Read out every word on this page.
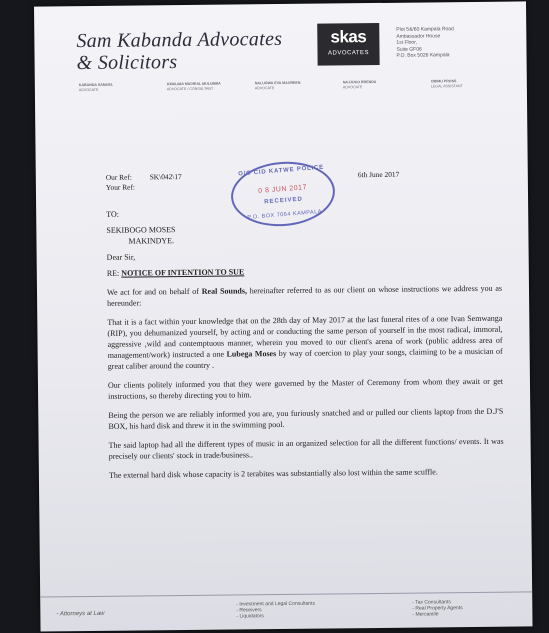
Sam Kabanda Advocates
& Solicitors
skas
ADVOCATES
Plot 5&/60 Kampala Road
Ambassador House
1st Floor,
Suite GF06
P.O. Box 5026 Kampala
KABANDA SAMUEL
ADVOCATE
KWALIMA MICHEAL MULUMBA
ADVOCATE / CONSULTANT
NALUGWA EVA MAUREEN
ADVOCATE
NAJJUKO BRENDA
ADVOCATE
OBIMU PROSS
LEGAL ASSISTANT
Our Ref: SK\042\17
Your Ref:
6th June 2017
O/C CID KATWE POLICE
0 8 JUN 2017
RECEIVED
P.O. BOX 7064 KAMPALA

TO:

SEKIBOGO MOSES

MAKINDYE.

Dear Sir,

RE: NOTICE OF INTENTION TO SUE

We act for and on behalf of Real Sounds, hereinafter referred to as our client on whose instructions we address you as hereunder:

That it is a fact within your knowledge that on the 28th day of May 2017 at the last funeral rites of a one Ivan Semwanga (RIP), you dehumanized yourself, by acting and or conducting the same person of yourself in the most radical, immoral, aggressive ,wild and contemptuous manner, wherein you moved to our client's arena of work (public address area of management/work) instructed a one Lubega Moses by way of coercion to play your songs, claiming to be a musician of great caliber around the country .

Our clients politely informed you that they were governed by the Master of Ceremony from whom they await or get instructions, so thereby directing you to him.

Being the person we are reliably informed you are, you furiously snatched and or pulled our clients laptop from the D.J'S BOX, his hard disk and threw it in the swimming pool.

The said laptop had all the different types of music in an organized selection for all the different functions/ events. It was precisely our clients' stock in trade/business..

The external hard disk whose capacity is 2 terabites was substantially also lost within the same scuffle.

- Attorneys at Law
- Investment and Legal Consultants
- Receivers
- Liquidators
- Tax Consultants
- Real Property Agents
- Mercantile
